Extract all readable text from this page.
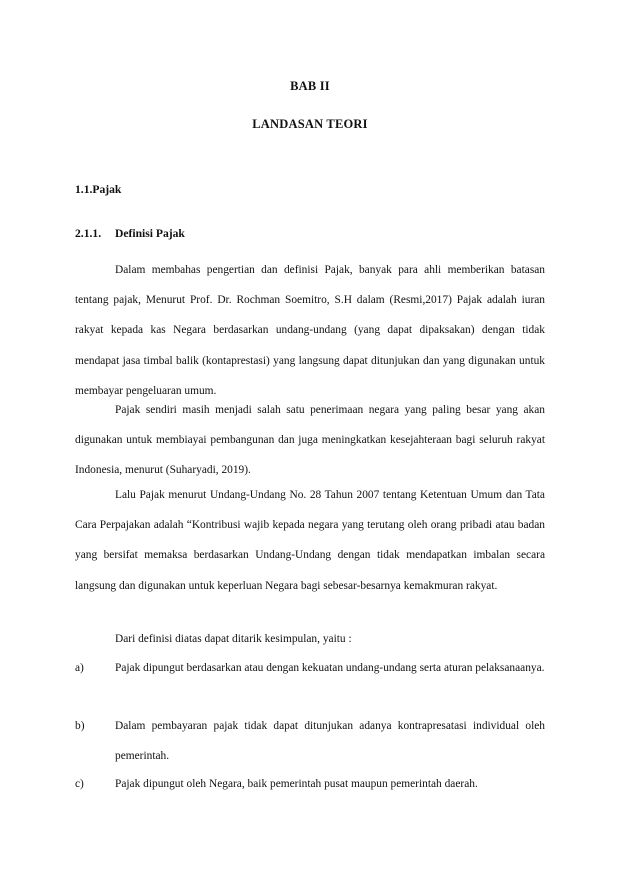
BAB II
LANDASAN TEORI
1.1.Pajak
2.1.1. Definisi Pajak

Dalam membahas pengertian dan definisi Pajak, banyak para ahli memberikan batasan tentang pajak, Menurut Prof. Dr. Rochman Soemitro, S.H dalam (Resmi,2017) Pajak adalah iuran rakyat kepada kas Negara berdasarkan undang-undang (yang dapat dipaksakan) dengan tidak mendapat jasa timbal balik (kontaprestasi) yang langsung dapat ditunjukan dan yang digunakan untuk membayar pengeluaran umum.

Pajak sendiri masih menjadi salah satu penerimaan negara yang paling besar yang akan digunakan untuk membiayai pembangunan dan juga meningkatkan kesejahteraan bagi seluruh rakyat Indonesia, menurut (Suharyadi, 2019).

Lalu Pajak menurut Undang-Undang No. 28 Tahun 2007 tentang Ketentuan Umum dan Tata Cara Perpajakan adalah “Kontribusi wajib kepada negara yang terutang oleh orang pribadi atau badan yang bersifat memaksa berdasarkan Undang-Undang dengan tidak mendapatkan imbalan secara langsung dan digunakan untuk keperluan Negara bagi sebesar-besarnya kemakmuran rakyat.

Dari definisi diatas dapat ditarik kesimpulan, yaitu :

a)	Pajak dipungut berdasarkan atau dengan kekuatan undang-undang serta aturan pelaksanaanya.
b)	Dalam pembayaran pajak tidak dapat ditunjukan adanya kontrapresatasi individual oleh pemerintah.
c)	Pajak dipungut oleh Negara, baik pemerintah pusat maupun pemerintah daerah.
